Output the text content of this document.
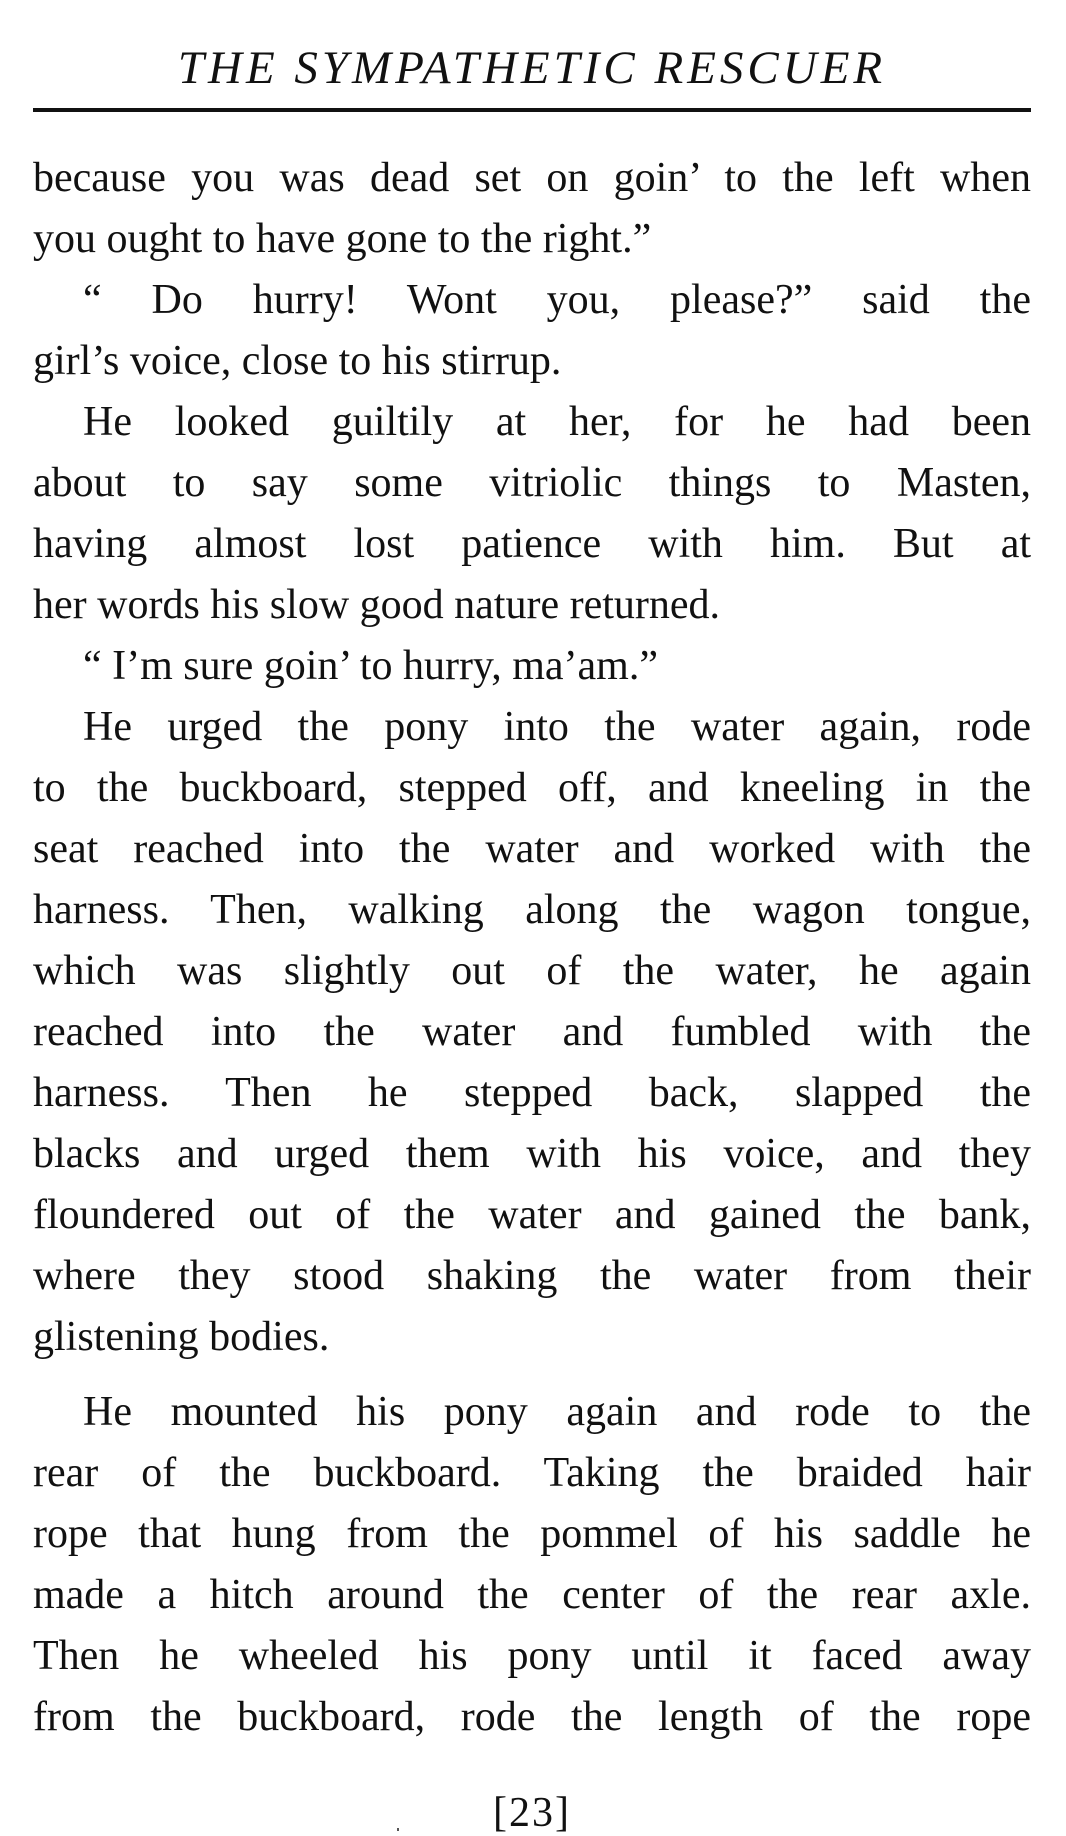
THE SYMPATHETIC RESCUER
because you was dead set on goin’ to the left when
you ought to have gone to the right.”
“ Do hurry! Wont you, please?” said the
girl’s voice, close to his stirrup.
He looked guiltily at her, for he had been
about to say some vitriolic things to Masten,
having almost lost patience with him. But at
her words his slow good nature returned.
“ I’m sure goin’ to hurry, ma’am.”
He urged the pony into the water again, rode
to the buckboard, stepped off, and kneeling in the
seat reached into the water and worked with the
harness. Then, walking along the wagon tongue,
which was slightly out of the water, he again
reached into the water and fumbled with the
harness. Then he stepped back, slapped the
blacks and urged them with his voice, and they
floundered out of the water and gained the bank,
where they stood shaking the water from their
glistening bodies.
He mounted his pony again and rode to the
rear of the buckboard. Taking the braided hair
rope that hung from the pommel of his saddle he
made a hitch around the center of the rear axle.
Then he wheeled his pony until it faced away
from the buckboard, rode the length of the rope
[23]
